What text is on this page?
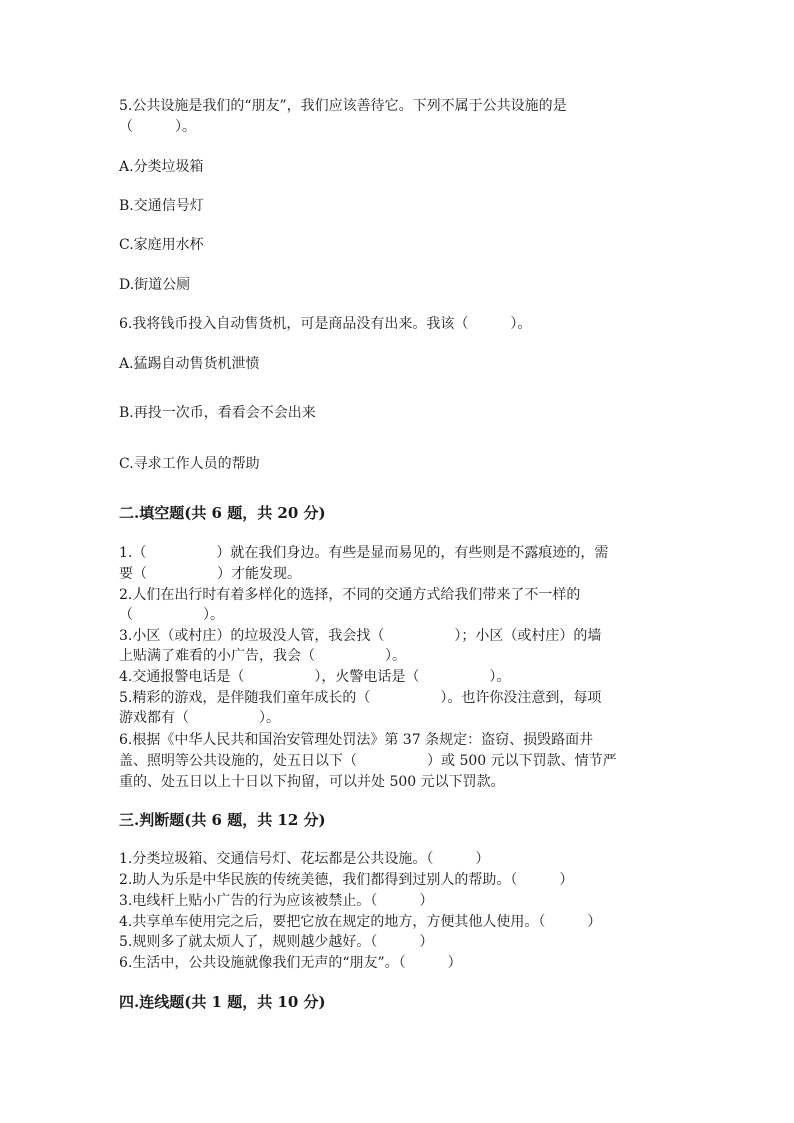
5.公共设施是我们的“朋友”，我们应该善待它。下列不属于公共设施的是
（　　　）。
A.分类垃圾箱
B.交通信号灯
C.家庭用水杯
D.街道公厕
6.我将钱币投入自动售货机，可是商品没有出来。我该（　　　）。
A.猛踢自动售货机泄愤
B.再投一次币，看看会不会出来
C.寻求工作人员的帮助
二.填空题(共 6 题，共 20 分)
1.（　　　　　）就在我们身边。有些是显而易见的，有些则是不露痕迹的，需
要（　　　　　）才能发现。
2.人们在出行时有着多样化的选择，不同的交通方式给我们带来了不一样的
（　　　　　）。
3.小区（或村庄）的垃圾没人管，我会找（　　　　　）；小区（或村庄）的墙
上贴满了难看的小广告，我会（　　　　　）。
4.交通报警电话是（　　　　　），火警电话是（　　　　　）。
5.精彩的游戏，是伴随我们童年成长的（　　　　　）。也许你没注意到，每项
游戏都有（　　　　　）。
6.根据《中华人民共和国治安管理处罚法》第 37 条规定：盗窃、损毁路面井
盖、照明等公共设施的，处五日以下（　　　　　）或 500 元以下罚款、情节严
重的、处五日以上十日以下拘留，可以并处 500 元以下罚款。
三.判断题(共 6 题，共 12 分)
1.分类垃圾箱、交通信号灯、花坛都是公共设施。（　　　）
2.助人为乐是中华民族的传统美德，我们都得到过别人的帮助。（　　　）
3.电线杆上贴小广告的行为应该被禁止。（　　　）
4.共享单车使用完之后，要把它放在规定的地方，方便其他人使用。（　　　）
5.规则多了就太烦人了，规则越少越好。（　　　）
6.生活中，公共设施就像我们无声的“朋友”。（　　　）
四.连线题(共 1 题，共 10 分)
